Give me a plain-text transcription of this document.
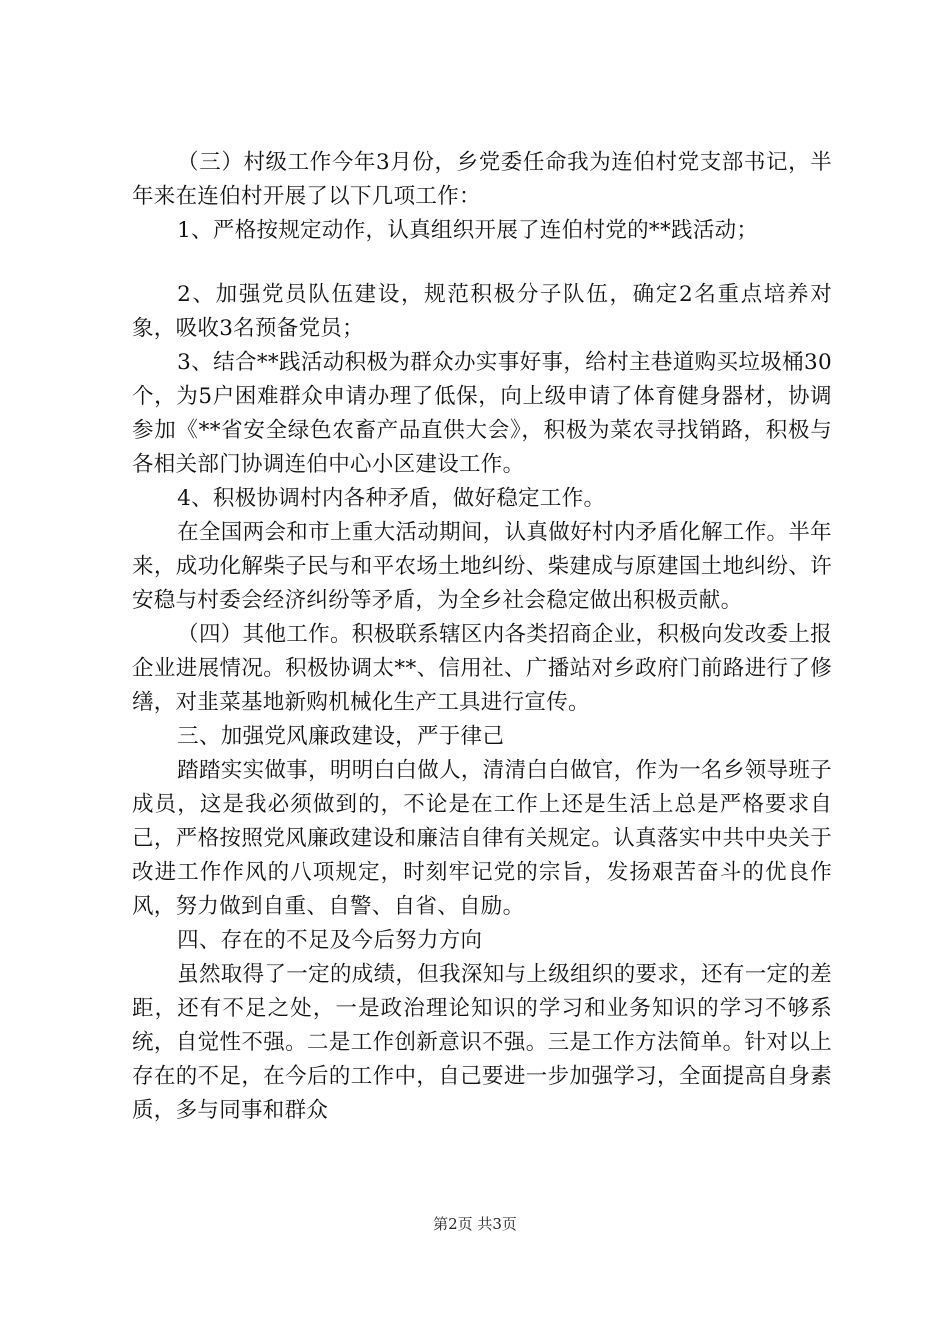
（三）村级工作今年3月份，乡党委任命我为连伯村党支部书记，半年来在连伯村开展了以下几项工作：

1、严格按规定动作，认真组织开展了连伯村党的**践活动；

2、加强党员队伍建设，规范积极分子队伍，确定2名重点培养对象，吸收3名预备党员；

3、结合**践活动积极为群众办实事好事，给村主巷道购买垃圾桶30个，为5户困难群众申请办理了低保，向上级申请了体育健身器材，协调参加《**省安全绿色农畜产品直供大会》，积极为菜农寻找销路，积极与各相关部门协调连伯中心小区建设工作。

4、积极协调村内各种矛盾，做好稳定工作。

在全国两会和市上重大活动期间，认真做好村内矛盾化解工作。半年来，成功化解柴子民与和平农场土地纠纷、柴建成与原建国土地纠纷、许安稳与村委会经济纠纷等矛盾，为全乡社会稳定做出积极贡献。

（四）其他工作。积极联系辖区内各类招商企业，积极向发改委上报企业进展情况。积极协调太**、信用社、广播站对乡政府门前路进行了修缮，对韭菜基地新购机械化生产工具进行宣传。

三、加强党风廉政建设，严于律己

踏踏实实做事，明明白白做人，清清白白做官，作为一名乡领导班子成员，这是我必须做到的，不论是在工作上还是生活上总是严格要求自己，严格按照党风廉政建设和廉洁自律有关规定。认真落实中共中央关于改进工作作风的八项规定，时刻牢记党的宗旨，发扬艰苦奋斗的优良作风，努力做到自重、自警、自省、自励。

四、存在的不足及今后努力方向

虽然取得了一定的成绩，但我深知与上级组织的要求，还有一定的差距，还有不足之处，一是政治理论知识的学习和业务知识的学习不够系统，自觉性不强。二是工作创新意识不强。三是工作方法简单。针对以上存在的不足，在今后的工作中，自己要进一步加强学习，全面提高自身素质，多与同事和群众

第2页 共3页
